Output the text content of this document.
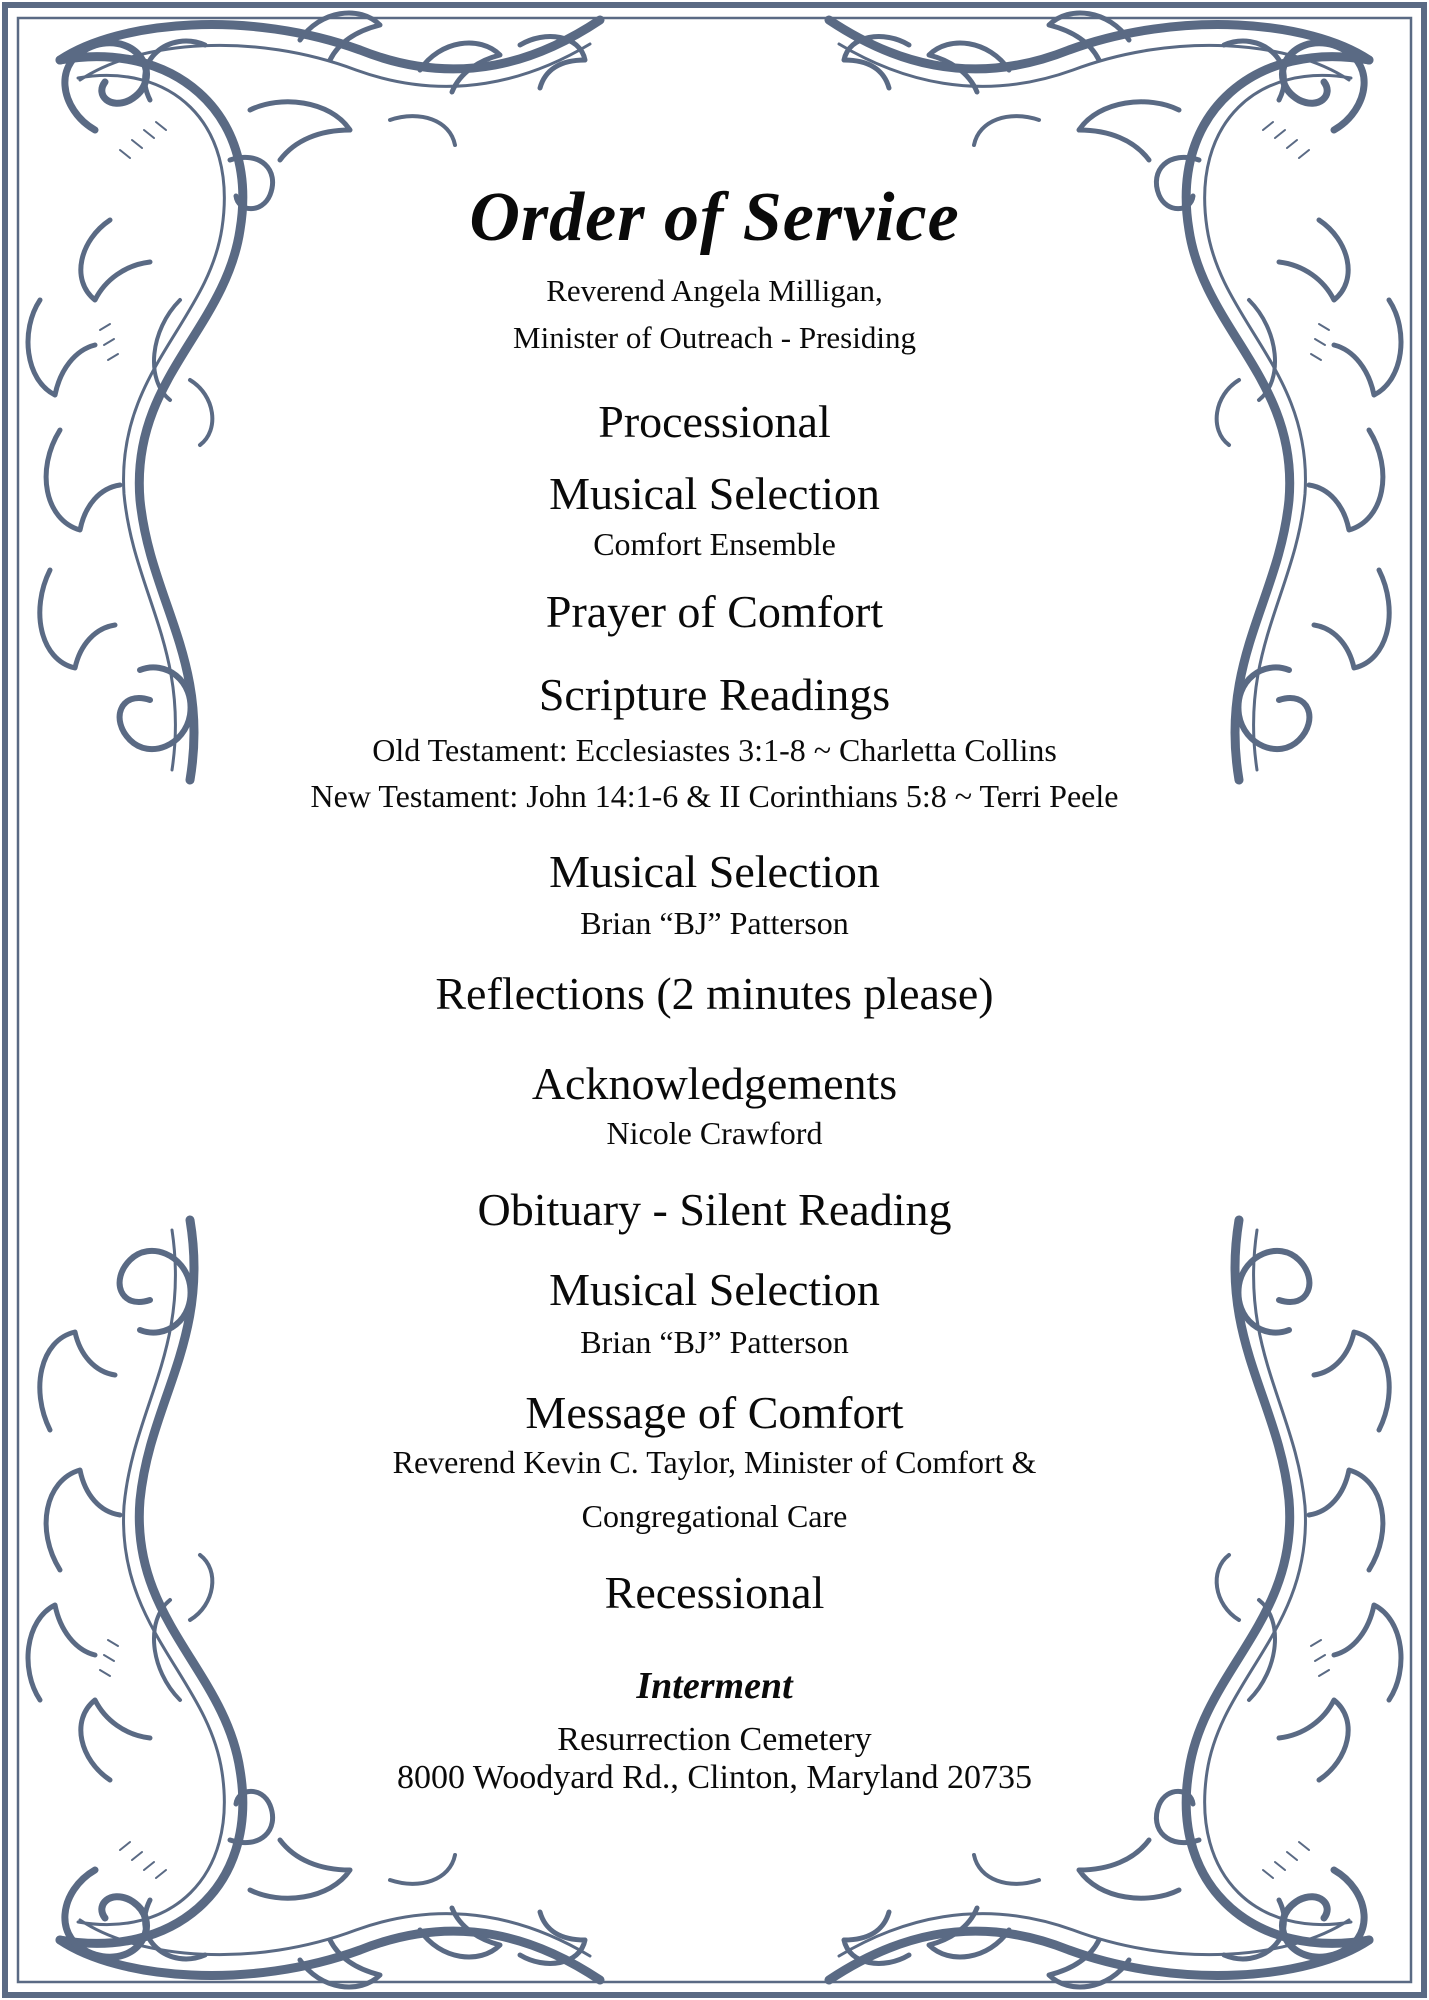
Order of Service
Reverend Angela Milligan,
Minister of Outreach - Presiding
Processional
Musical Selection
Comfort Ensemble
Prayer of Comfort
Scripture Readings
Old Testament: Ecclesiastes 3:1-8 ~ Charletta Collins
New Testament: John 14:1-6 & II Corinthians 5:8 ~ Terri Peele
Musical Selection
Brian “BJ” Patterson
Reflections (2 minutes please)
Acknowledgements
Nicole Crawford
Obituary - Silent Reading
Musical Selection
Brian “BJ” Patterson
Message of Comfort
Reverend Kevin C. Taylor, Minister of Comfort &
Congregational Care
Recessional
Interment
Resurrection Cemetery
8000 Woodyard Rd., Clinton, Maryland 20735
